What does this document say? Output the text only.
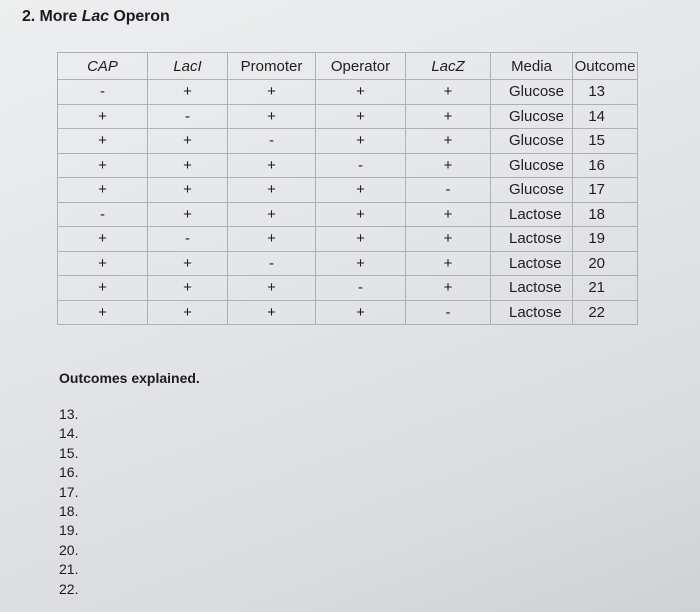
2. More Lac Operon
CAP	LacI	Promoter	Operator	LacZ	Media	Outcome
-	+	+	+	+	Glucose	13
+	-	+	+	+	Glucose	14
+	+	-	+	+	Glucose	15
+	+	+	-	+	Glucose	16
+	+	+	+	-	Glucose	17
-	+	+	+	+	Lactose	18
+	-	+	+	+	Lactose	19
+	+	-	+	+	Lactose	20
+	+	+	-	+	Lactose	21
+	+	+	+	-	Lactose	22
Outcomes explained.
13.
14.
15.
16.
17.
18.
19.
20.
21.
22.
